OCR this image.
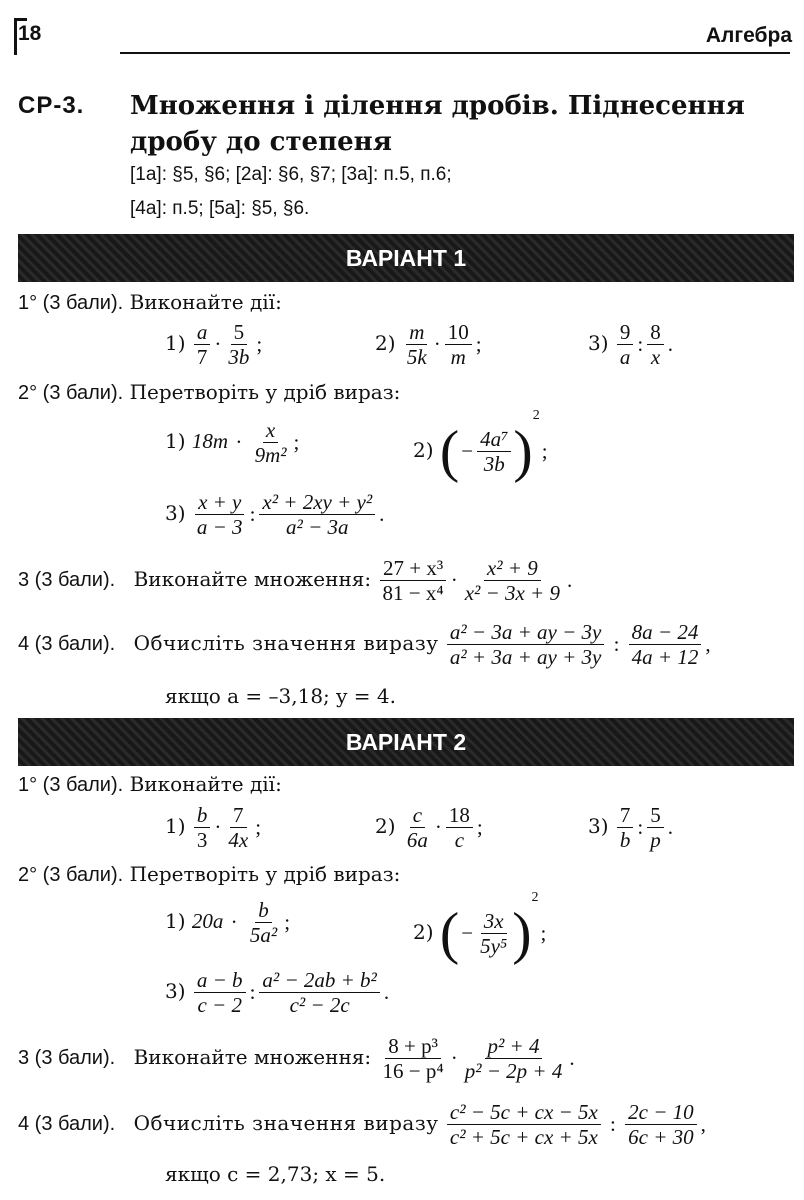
18	Алгебра
СР-3. Множення і ділення дробів. Піднесення дробу до степеня
[1a]: §5, §6; [2a]: §6, §7; [3a]: п.5, п.6;
[4a]: п.5; [5a]: §5, §6.
ВАРІАНТ 1
1° (3 бали). Виконайте дії:
$1) \frac{a}{7} \cdot \frac{5}{3b}$ ;	$2) \frac{m}{5k} \cdot \frac{10}{m}$ ;	$3) \frac{9}{a}$ : $\frac{8}{x}$ .
2° (3 бали). Перетворіть у дріб вираз:
1) $18m \cdot \frac{x}{\text{9m²}}$ ;	2) (− $\frac{\text{4a⁷}}{3b} )^2$;
$3) \frac{x + y}{a - 3}$ : $\frac{\text{x² + 2xy + y²}}{\text{a² − 3a}}$ .
3 (3 бали). Виконайте множення: $\frac{\text{27 + x³}}{\text{81 − x⁴}} \cdot \frac{\text{x² + 9}}{\text{x² − 3x + 9}}$ .
4 (3 бали). Обчисліть значення виразу $\frac{\text{a² − 3a + ay − 3y}}{\text{a² + 3a + ay + 3y}}$ : $\frac{8a - 24}{4a + 12}$ ,
якщо a = –3,18; y = 4.
ВАРІАНТ 2
1° (3 бали). Виконайте дії:
$1) \frac{b}{3} \cdot \frac{7}{4x}$ ;	$2) \frac{c}{6a} \cdot \frac{18}{c}$ ;	$3) \frac{7}{b}$ : $\frac{5}{p}$ .
2° (3 бали). Перетворіть у дріб вираз:
1) $20a \cdot \frac{b}{\text{5a²}}$ ;	2) (− $\frac{3x}{\text{5y⁵}} )^2$;
$3) \frac{a - b}{c - 2}$ : $\frac{\text{a² − 2ab + b²}}{\text{c² − 2c}}$ .
3 (3 бали). Виконайте множення: $\frac{\text{8 + p³}}{\text{16 − p⁴}} \cdot \frac{\text{p² + 4}}{\text{p² − 2p + 4}}$ .
4 (3 бали). Обчисліть значення виразу $\frac{\text{c² − 5c + cx − 5x}}{\text{c² + 5c + cx + 5x}}$ : $\frac{2c - 10}{6c + 30}$ ,
якщо c = 2,73; x = 5.
